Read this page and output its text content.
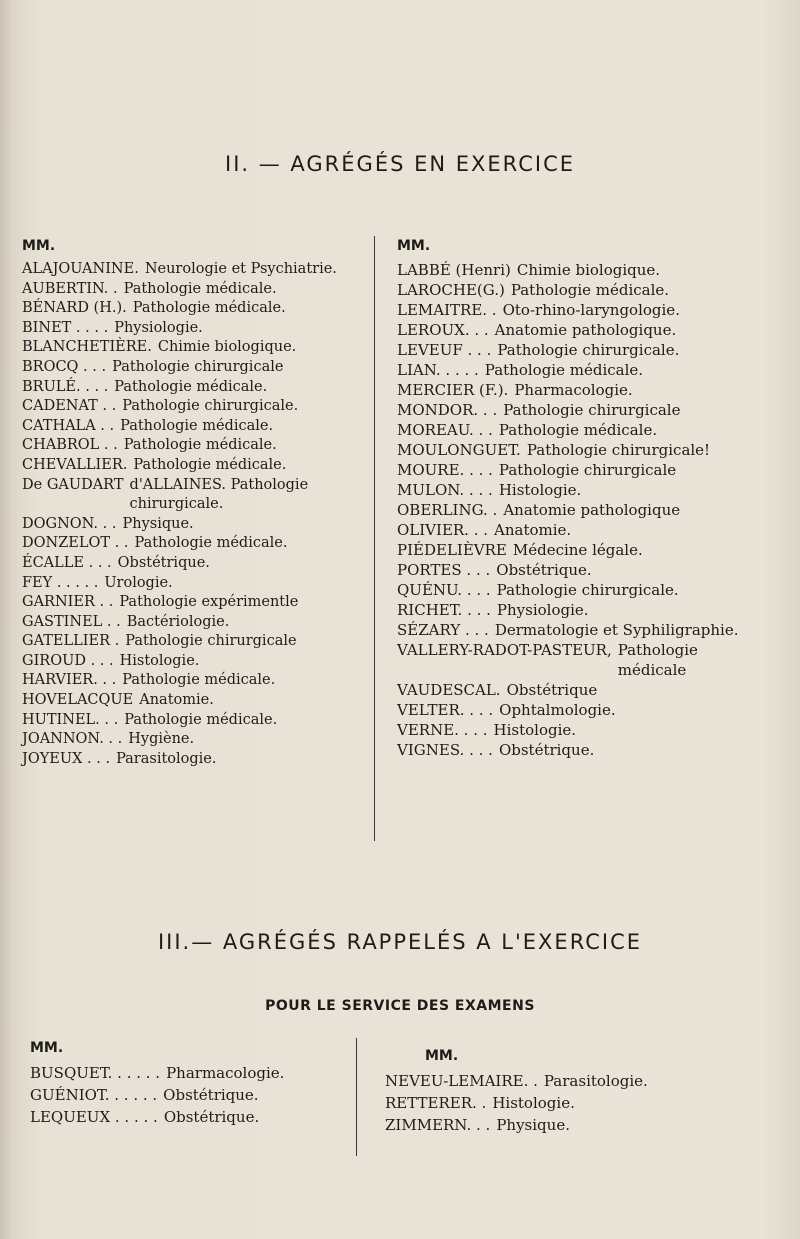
II. — AGRÉGÉS EN EXERCICE
MM.
ALAJOUANINE. Neurologie et Psychiatrie.
AUBERTIN. . Pathologie médicale.
BÉNARD (H.). Pathologie médicale.
BINET . . . . Physiologie.
BLANCHETIÈRE. Chimie biologique.
BROCQ . . . Pathologie chirurgicale
BRULÉ. . . . Pathologie médicale.
CADENAT . . Pathologie chirurgicale.
CATHALA . . Pathologie médicale.
CHABROL . . Pathologie médicale.
CHEVALLIER. Pathologie médicale.
De GAUDART d'ALLAINES. Pathologie chirurgicale.
DOGNON. . . Physique.
DONZELOT . . Pathologie médicale.
ÉCALLE . . . Obstétrique.
FEY . . . . . Urologie.
GARNIER . . Pathologie expérimentle
GASTINEL . . Bactériologie.
GATELLIER . Pathologie chirurgicale
GIROUD . . . Histologie.
HARVIER. . . Pathologie médicale.
HOVELACQUE Anatomie.
HUTINEL. . . Pathologie médicale.
JOANNON. . . Hygiène.
JOYEUX . . . Parasitologie.
MM.
LABBÉ (Henri) Chimie biologique.
LAROCHE(G.) Pathologie médicale.
LEMAITRE. . Oto-rhino-laryngologie.
LEROUX. . . Anatomie pathologique.
LEVEUF . . . Pathologie chirurgicale.
LIAN. . . . . Pathologie médicale.
MERCIER (F.). Pharmacologie.
MONDOR. . . Pathologie chirurgicale
MOREAU. . . Pathologie médicale.
MOULONGUET. Pathologie chirurgicale!
MOURE. . . . Pathologie chirurgicale
MULON. . . . Histologie.
OBERLING. . Anatomie pathologique
OLIVIER. . . Anatomie.
PIÉDELIÈVRE Médecine légale.
PORTES . . . Obstétrique.
QUÉNU. . . . Pathologie chirurgicale.
RICHET. . . . Physiologie.
SÉZARY . . . Dermatologie et Syphiligraphie.
VALLERY-RADOT-PASTEUR, Pathologie médicale
VAUDESCAL. Obstétrique
VELTER. . . . Ophtalmologie.
VERNE. . . . Histologie.
VIGNES. . . . Obstétrique.
III.— AGRÉGÉS RAPPELÉS A L'EXERCICE
POUR LE SERVICE DES EXAMENS
MM.
BUSQUET. . . . . . Pharmacologie.
GUÉNIOT. . . . . . Obstétrique.
LEQUEUX . . . . . Obstétrique.
MM.
NEVEU-LEMAIRE. . Parasitologie.
RETTERER. . Histologie.
ZIMMERN. . . Physique.
